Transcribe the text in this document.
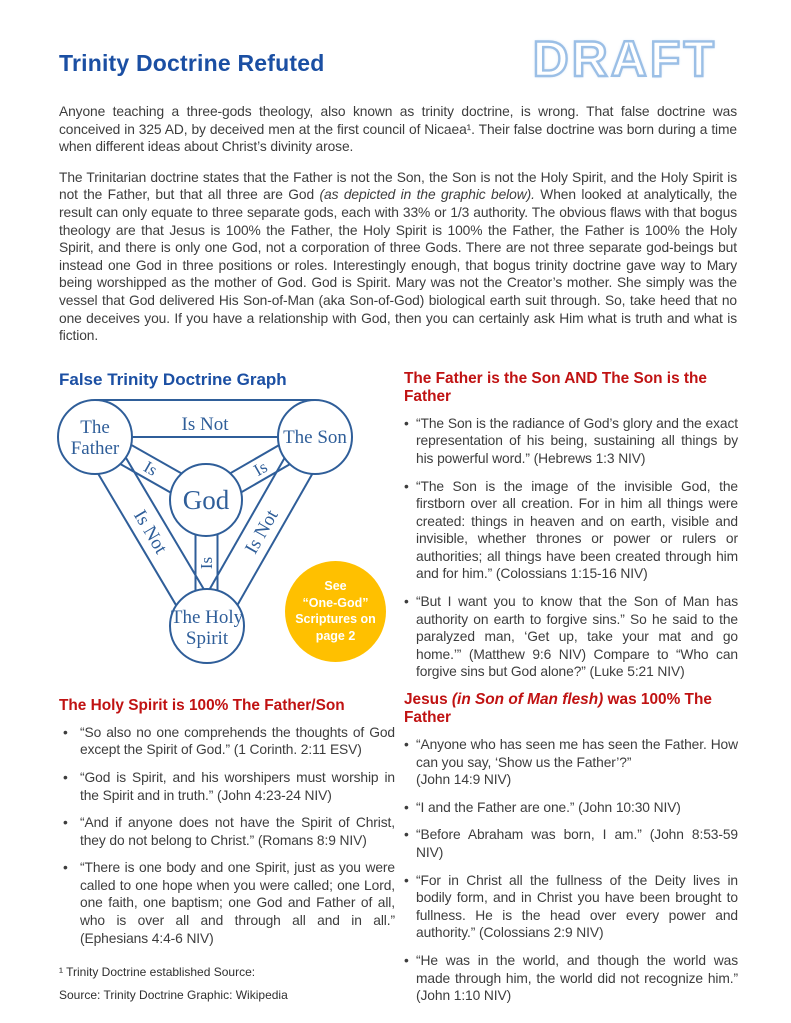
DRAFT
Trinity Doctrine Refuted

Anyone teaching a three-gods theology, also known as trinity doctrine, is wrong. That false doctrine was conceived in 325 AD, by deceived men at the first council of Nicaea¹. Their false doctrine was born during a time when different ideas about Christ’s divinity arose.

The Trinitarian doctrine states that the Father is not the Son, the Son is not the Holy Spirit, and the Holy Spirit is not the Father, but that all three are God (as depicted in the graphic below). When looked at analytically, the result can only equate to three separate gods, each with 33% or 1/3 authority. The obvious flaws with that bogus theology are that Jesus is 100% the Father, the Holy Spirit is 100% the Father, the Father is 100% the Holy Spirit, and there is only one God, not a corporation of three Gods. There are not three separate god-beings but instead one God in three positions or roles. Interestingly enough, that bogus trinity doctrine gave way to Mary being worshipped as the mother of God. God is Spirit. Mary was not the Creator’s mother. She simply was the vessel that God delivered His Son-of-Man (aka Son-of-God) biological earth suit through. So, take heed that no one deceives you. If you have a relationship with God, then you can certainly ask Him what is truth and what is fiction.

False Trinity Doctrine Graph
Is Not
Is Not	Is Not
Is	Is
Is
The
Father
The Son
God
The Holy
Spirit
See
“One-God”
Scriptures on
page 2
The Holy Spirit is 100% The Father/Son
• “So also no one comprehends the thoughts of God except the Spirit of God.” (1 Corinth. 2:11 ESV)
• “God is Spirit, and his worshipers must worship in the Spirit and in truth.” (John 4:23-24 NIV)
• “And if anyone does not have the Spirit of Christ, they do not belong to Christ.” (Romans 8:9 NIV)
• “There is one body and one Spirit, just as you were called to one hope when you were called; one Lord, one faith, one baptism; one God and Father of all, who is over all and through all and in all.” (Ephesians 4:4-6 NIV)
¹ Trinity Doctrine established Source:
Source: Trinity Doctrine Graphic: Wikipedia
The Father is the Son AND The Son is the Father
• “The Son is the radiance of God’s glory and the exact representation of his being, sustaining all things by his powerful word.” (Hebrews 1:3 NIV)
• “The Son is the image of the invisible God, the firstborn over all creation. For in him all things were created: things in heaven and on earth, visible and invisible, whether thrones or power or rulers or authorities; all things have been created through him and for him.” (Colossians 1:15-16 NIV)
• “But I want you to know that the Son of Man has authority on earth to forgive sins.” So he said to the paralyzed man, ‘Get up, take your mat and go home.’” (Matthew 9:6 NIV) Compare to “Who can forgive sins but God alone?” (Luke 5:21 NIV)
Jesus (in Son of Man flesh) was 100% The Father
• “Anyone who has seen me has seen the Father. How can you say, ‘Show us the Father’?”
(John 14:9 NIV)
• “I and the Father are one.” (John 10:30 NIV)
• “Before Abraham was born, I am.” (John 8:53-59 NIV)
• “For in Christ all the fullness of the Deity lives in bodily form, and in Christ you have been brought to fullness. He is the head over every power and authority.” (Colossians 2:9 NIV)
• “He was in the world, and though the world was made through him, the world did not recognize him.” (John 1:10 NIV)
